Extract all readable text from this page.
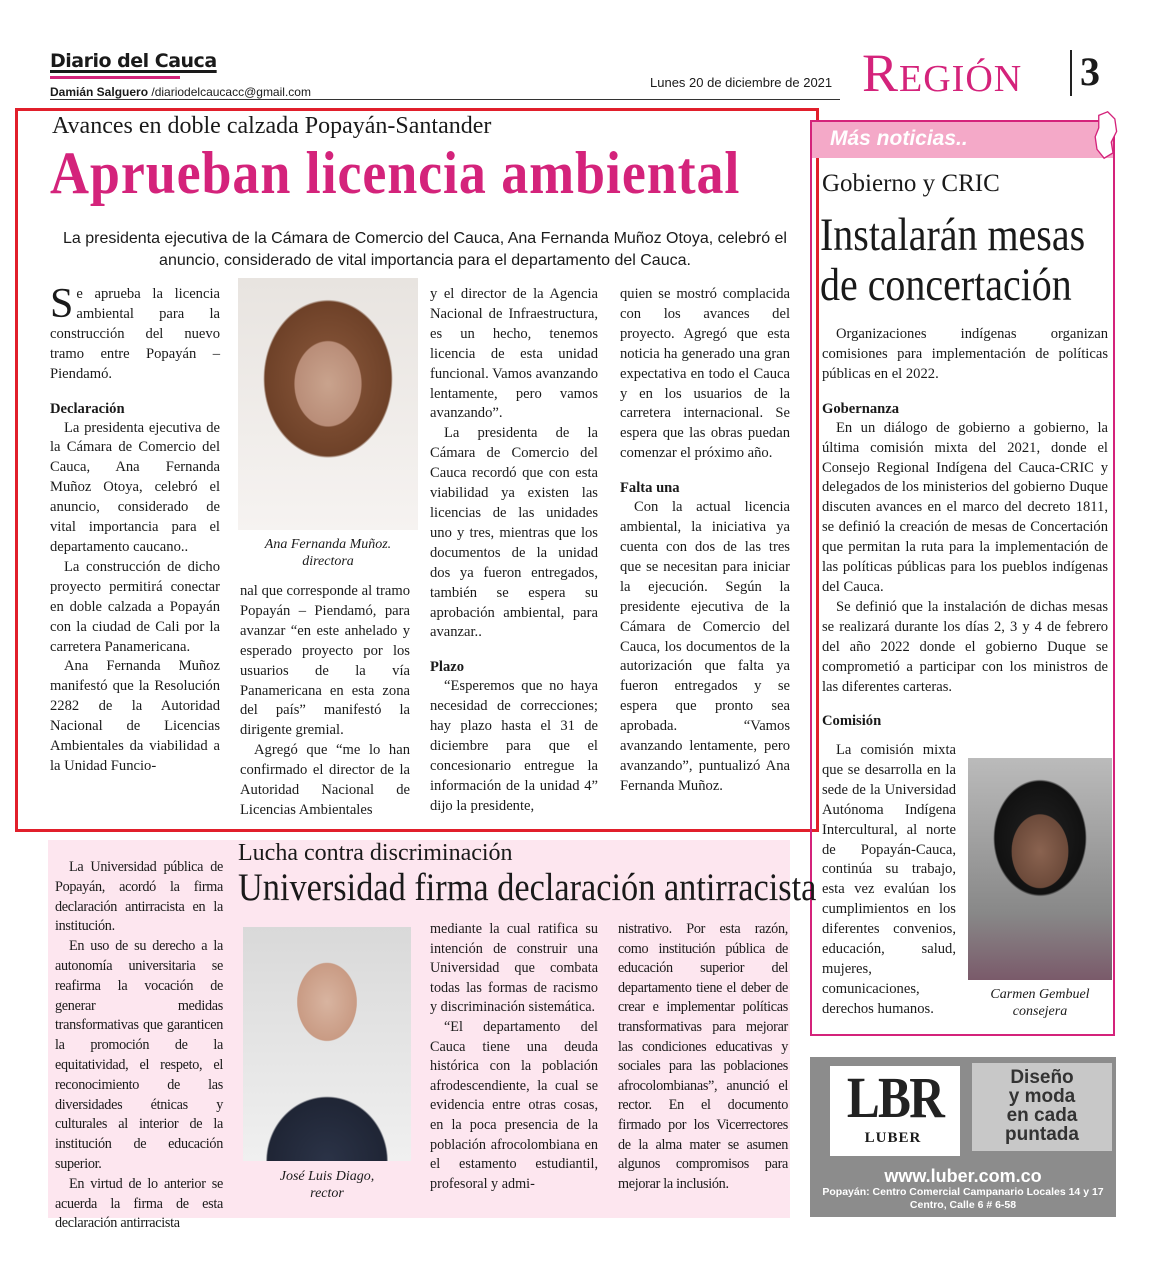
Diario del Cauca
Damián Salguero /diariodelcaucacc@gmail.com
Lunes 20 de diciembre de 2021 Región 3
Avances en doble calzada Popayán-Santander
Aprueban licencia ambiental
La presidenta ejecutiva de la Cámara de Comercio del Cauca, Ana Fernanda Muñoz Otoya, celebró el anuncio, considerado de vital importancia para el departamento del Cauca.

Se aprueba la licencia ambiental para la construcción del nuevo tramo entre Popayán – Piendamó.

Declaración

La presidenta ejecutiva de la Cámara de Comercio del Cauca, Ana Fernanda Muñoz Otoya, celebró el anuncio, considerado de vital importancia para el departamento caucano..

La construcción de dicho proyecto permitirá conectar en doble calzada a Popayán con la ciudad de Cali por la carretera Panamericana.

Ana Fernanda Muñoz manifestó que la Resolución 2282 de la Autoridad Nacional de Licencias Ambientales da viabilidad a la Unidad Funcio-

Ana Fernanda Muñoz.
directora

nal que corresponde al tramo Popayán – Piendamó, para avanzar “en este anhelado y esperado proyecto por los usuarios de la vía Panamericana en esta zona del país” manifestó la dirigente gremial.

Agregó que “me lo han confirmado el director de la Autoridad Nacional de Licencias Ambientales

y el director de la Agencia Nacional de Infraestructura, es un hecho, tenemos licencia de esta unidad funcional. Vamos avanzando lentamente, pero vamos avanzando”.

La presidenta de la Cámara de Comercio del Cauca recordó que con esta viabilidad ya existen las licencias de las unidades uno y tres, mientras que los documentos de la unidad dos ya fueron entregados, también se espera su aprobación ambiental, para avanzar..

Plazo

“Esperemos que no haya necesidad de correcciones; hay plazo hasta el 31 de diciembre para que el concesionario entregue la información de la unidad 4” dijo la presidente,

quien se mostró complacida con los avances del proyecto. Agregó que esta noticia ha generado una gran expectativa en todo el Cauca y en los usuarios de la carretera internacional. Se espera que las obras puedan comenzar el próximo año.

Falta una

Con la actual licencia ambiental, la iniciativa ya cuenta con dos de las tres que se necesitan para iniciar la ejecución. Según la presidente ejecutiva de la Cámara de Comercio del Cauca, los documentos de la autorización que falta ya fueron entregados y se espera que pronto sea aprobada. “Vamos avanzando lentamente, pero avanzando”, puntualizó Ana Fernanda Muñoz.

Más noticias..
Gobierno y CRIC
Instalarán mesas
de concertación

Organizaciones indígenas organizan comisiones para implementación de políticas públicas en el 2022.

Gobernanza

En un diálogo de gobierno a gobierno, la última comisión mixta del 2021, donde el Consejo Regional Indígena del Cauca-CRIC y delegados de los ministerios del gobierno Duque discuten avances en el marco del decreto 1811, se definió la creación de mesas de Concertación que permitan la ruta para la implementación de las políticas públicas para los pueblos indígenas del Cauca.

Se definió que la instalación de dichas mesas se realizará durante los días 2, 3 y 4 de febrero del año 2022 donde el gobierno Duque se comprometió a participar con los ministros de las diferentes carteras.

Comisión

La comisión mixta que se desarrolla en la sede de la Universidad Autónoma Indígena Intercultural, al norte de Popayán-Cauca, continúa su trabajo, esta vez evalúan los cumplimientos en los diferentes convenios, educación, salud, mujeres, comunicaciones, derechos humanos.

Carmen Gembuel
consejera
Lucha contra discriminación
Universidad firma declaración antirracista

La Universidad pública de Popayán, acordó la firma declaración antirracista en la institución.

En uso de su derecho a la autonomía universitaria se reafirma la vocación de generar medidas transformativas que garanticen la promoción de la equitatividad, el respeto, el reconocimiento de las diversidades étnicas y culturales al interior de la institución de educación superior.

En virtud de lo anterior se acuerda la firma de esta declaración antirracista

José Luis Diago,
rector

mediante la cual ratifica su intención de construir una Universidad que combata todas las formas de racismo y discriminación sistemática.

“El departamento del Cauca tiene una deuda histórica con la población afrodescendiente, la cual se evidencia entre otras cosas, en la poca presencia de la población afrocolombiana en el estamento estudiantil, profesoral y admi-

nistrativo. Por esta razón, como institución pública de educación superior del departamento tiene el deber de crear e implementar políticas transformativas para mejorar las condiciones educativas y sociales para las poblaciones afrocolombianas”, anunció el rector. En el documento firmado por los Vicerrectores de la alma mater se asumen algunos compromisos para mejorar la inclusión.

LBR
LUBER
Diseño
y moda
en cada
puntada
www.luber.com.co
Popayán: Centro Comercial Campanario Locales 14 y 17
Centro, Calle 6 # 6-58
